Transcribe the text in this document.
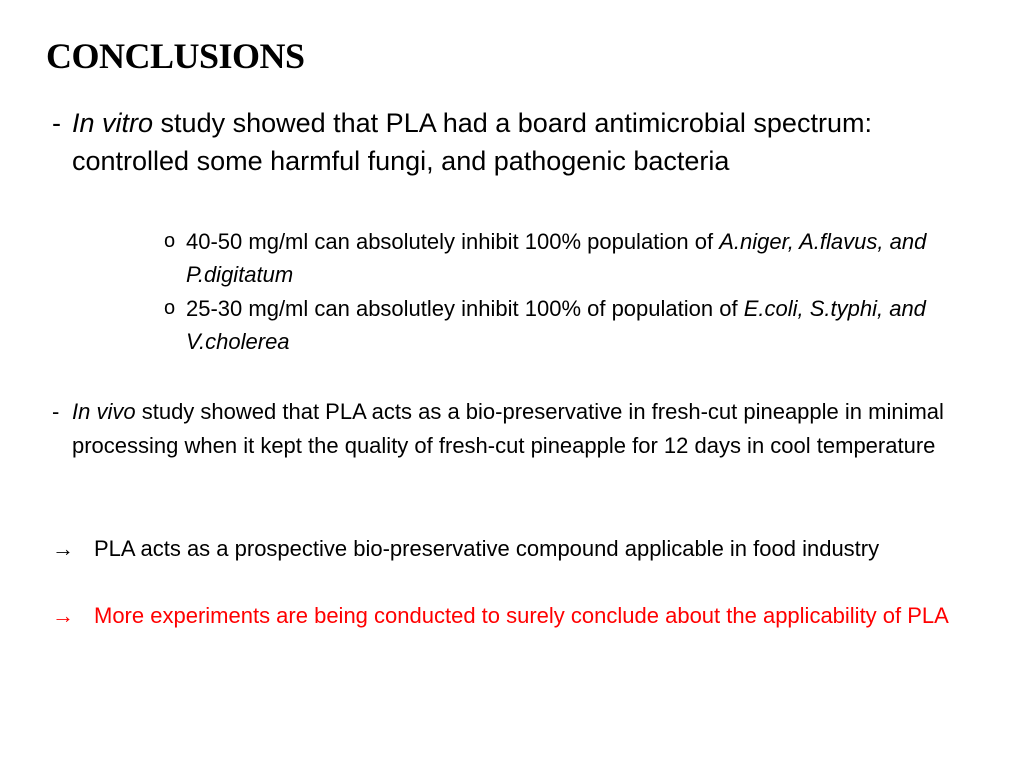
CONCLUSIONS
- In vitro study showed that PLA had a board antimicrobial spectrum: controlled some harmful fungi, and pathogenic bacteria
o 40-50 mg/ml can absolutely inhibit 100% population of A.niger, A.flavus, and P.digitatum
o 25-30 mg/ml can absolutley inhibit 100% of population of E.coli, S.typhi, and V.cholerea
- In vivo study showed that PLA acts as a bio-preservative in fresh-cut pineapple in minimal processing when it kept the quality of fresh-cut pineapple for 12 days in cool temperature
→ PLA acts as a prospective bio-preservative compound applicable in food industry
→ More experiments are being conducted to surely conclude about the applicability of PLA
